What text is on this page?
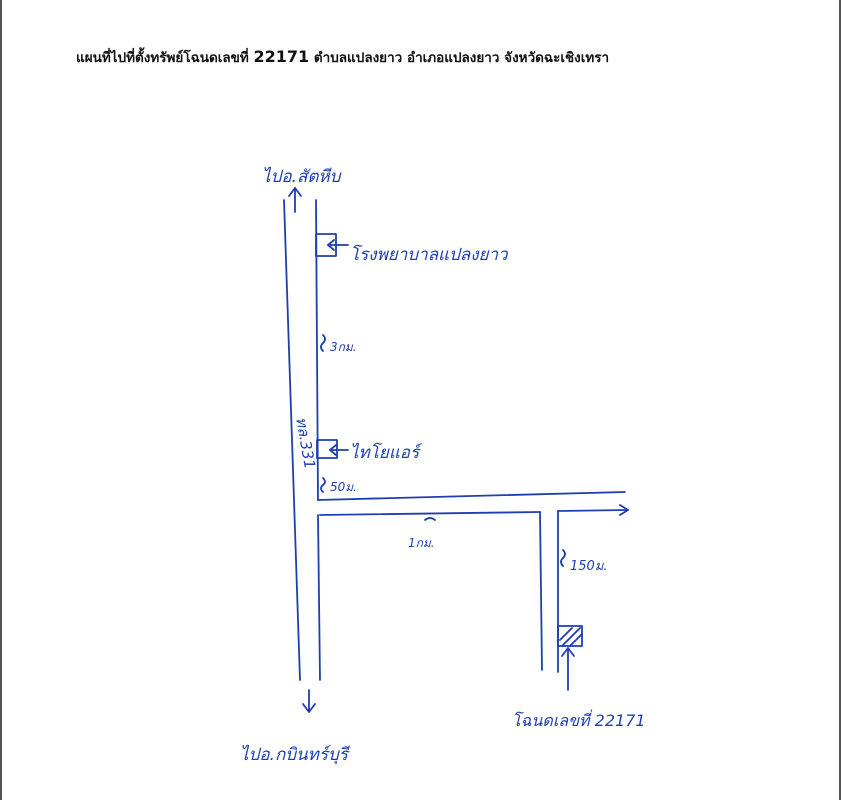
แผนที่ไปที่ตั้งทรัพย์โฉนดเลขที่ 22171 ตำบลแปลงยาว อำเภอแปลงยาว จังหวัดฉะเชิงเทรา
ไปอ.สัตหีบ
โรงพยาบาลแปลงยาว
3กม.
ไทโยแอร์
50ม.
1กม.
150ม.
ทล.331
โฉนดเลขที่ 22171
ไปอ.กบินทร์บุรี
